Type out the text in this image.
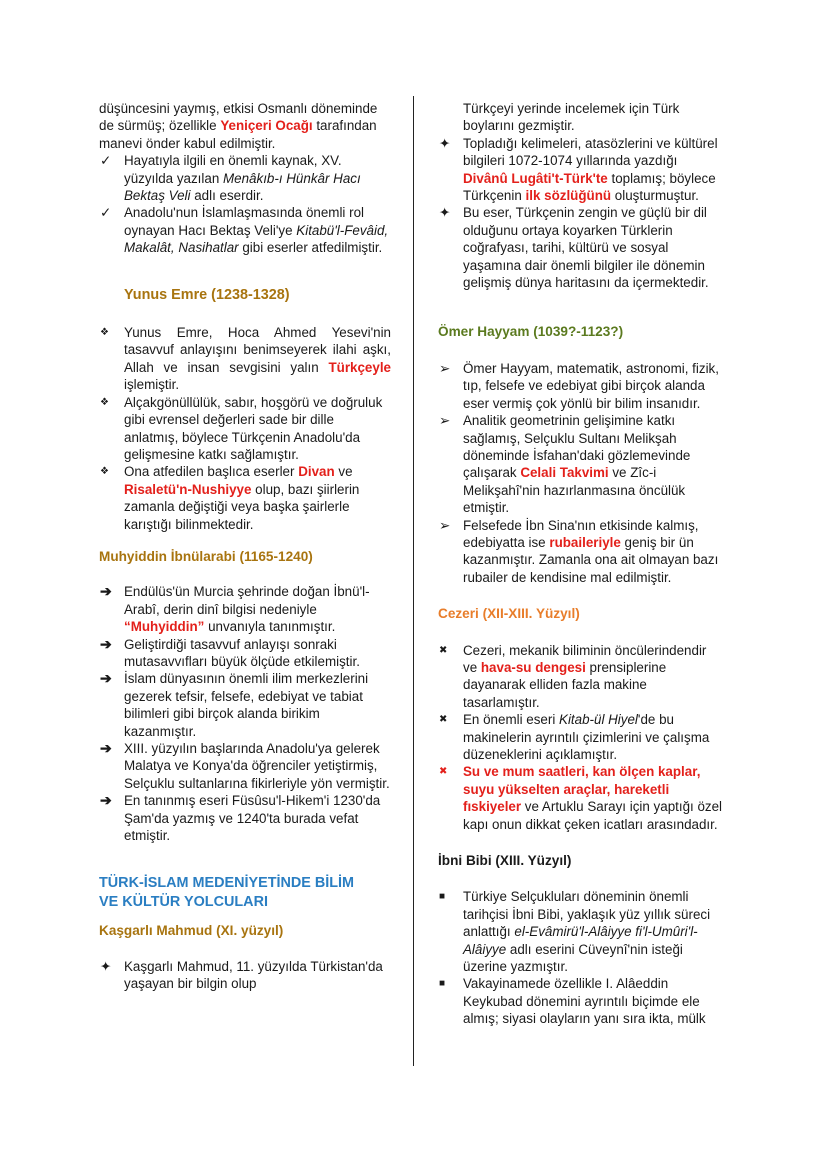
düşüncesini yaymış, etkisi Osmanlı döneminde de sürmüş; özellikle Yeniçeri Ocağı tarafından manevi önder kabul edilmiştir.
✓ Hayatıyla ilgili en önemli kaynak, XV. yüzyılda yazılan Menâkıb-ı Hünkâr Hacı Bektaş Veli adlı eserdir.
✓ Anadolu'nun İslamlaşmasında önemli rol oynayan Hacı Bektaş Veli'ye Kitabü'l-Fevâid, Makalât, Nasihatlar gibi eserler atfedilmiştir.
Yunus Emre (1238-1328)
❖	Yunus Emre, Hoca Ahmed Yesevi'nin tasavvuf anlayışını benimseyerek ilahi aşkı, Allah ve insan sevgisini yalın Türkçeyle işlemiştir.
❖	Alçakgönüllülük, sabır, hoşgörü ve doğruluk gibi evrensel değerleri sade bir dille anlatmış, böylece Türkçenin Anadolu'da gelişmesine katkı sağlamıştır.
❖	Ona atfedilen başlıca eserler Divan ve Risaletü'n-Nushiyye olup, bazı şiirlerin zamanla değiştiği veya başka şairlerle karıştığı bilinmektedir.
Muhyiddin İbnülarabi (1165-1240)
➔ Endülüs'ün Murcia şehrinde doğan İbnü'l-Arabî, derin dinî bilgisi nedeniyle “Muhyiddin” unvanıyla tanınmıştır.
➔ Geliştirdiği tasavvuf anlayışı sonraki mutasavvıfları büyük ölçüde etkilemiştir.
➔ İslam dünyasının önemli ilim merkezlerini gezerek tefsir, felsefe, edebiyat ve tabiat bilimleri gibi birçok alanda birikim kazanmıştır.
➔ XIII. yüzyılın başlarında Anadolu'ya gelerek Malatya ve Konya'da öğrenciler yetiştirmiş, Selçuklu sultanlarına fikirleriyle yön vermiştir.
➔ En tanınmış eseri Füsûsu'l-Hikem'i 1230'da Şam'da yazmış ve 1240'ta burada vefat etmiştir.
TÜRK-İSLAM MEDENİYETİNDE BİLİM VE KÜLTÜR YOLCULARI
Kaşgarlı Mahmud (XI. yüzyıl)
✦ Kaşgarlı Mahmud, 11. yüzyılda Türkistan'da yaşayan bir bilgin olup
Türkçeyi yerinde incelemek için Türk boylarını gezmiştir.
✦ Topladığı kelimeleri, atasözlerini ve kültürel bilgileri 1072-1074 yıllarında yazdığı Divânû Lugâti't-Türk'te toplamış; böylece Türkçenin ilk sözlüğünü oluşturmuştur.
✦ Bu eser, Türkçenin zengin ve güçlü bir dil olduğunu ortaya koyarken Türklerin coğrafyası, tarihi, kültürü ve sosyal yaşamına dair önemli bilgiler ile dönemin gelişmiş dünya haritasını da içermektedir.
Ömer Hayyam (1039?-1123?)
➢ Ömer Hayyam, matematik, astronomi, fizik, tıp, felsefe ve edebiyat gibi birçok alanda eser vermiş çok yönlü bir bilim insanıdır.
➢ Analitik geometrinin gelişimine katkı sağlamış, Selçuklu Sultanı Melikşah döneminde İsfahan'daki gözlemevinde çalışarak Celali Takvimi ve Zîc-i Melikşahî'nin hazırlanmasına öncülük etmiştir.
➢ Felsefede İbn Sina'nın etkisinde kalmış, edebiyatta ise rubaileriyle geniş bir ün kazanmıştır. Zamanla ona ait olmayan bazı rubailer de kendisine mal edilmiştir.
Cezeri (XII-XIII. Yüzyıl)
✖	Cezeri, mekanik biliminin öncülerindendir ve hava-su dengesi prensiplerine dayanarak elliden fazla makine tasarlamıştır.
✖	En önemli eseri Kitab-ül Hiyel'de bu makinelerin ayrıntılı çizimlerini ve çalışma düzeneklerini açıklamıştır.
✖	Su ve mum saatleri, kan ölçen kaplar, suyu yükselten araçlar, hareketli fıskiyeler ve Artuklu Sarayı için yaptığı özel kapı onun dikkat çeken icatları arasındadır.
İbni Bibi (XIII. Yüzyıl)
■	Türkiye Selçukluları döneminin önemli tarihçisi İbni Bibi, yaklaşık yüz yıllık süreci anlattığı el-Evâmirü'l-Alâiyye fi'l-Umûri'l-Alâiyye adlı eserini Cüveynî'nin isteği üzerine yazmıştır.
■	Vakayinamede özellikle I. Alâeddin Keykubad dönemini ayrıntılı biçimde ele almış; siyasi olayların yanı sıra ikta, mülk
